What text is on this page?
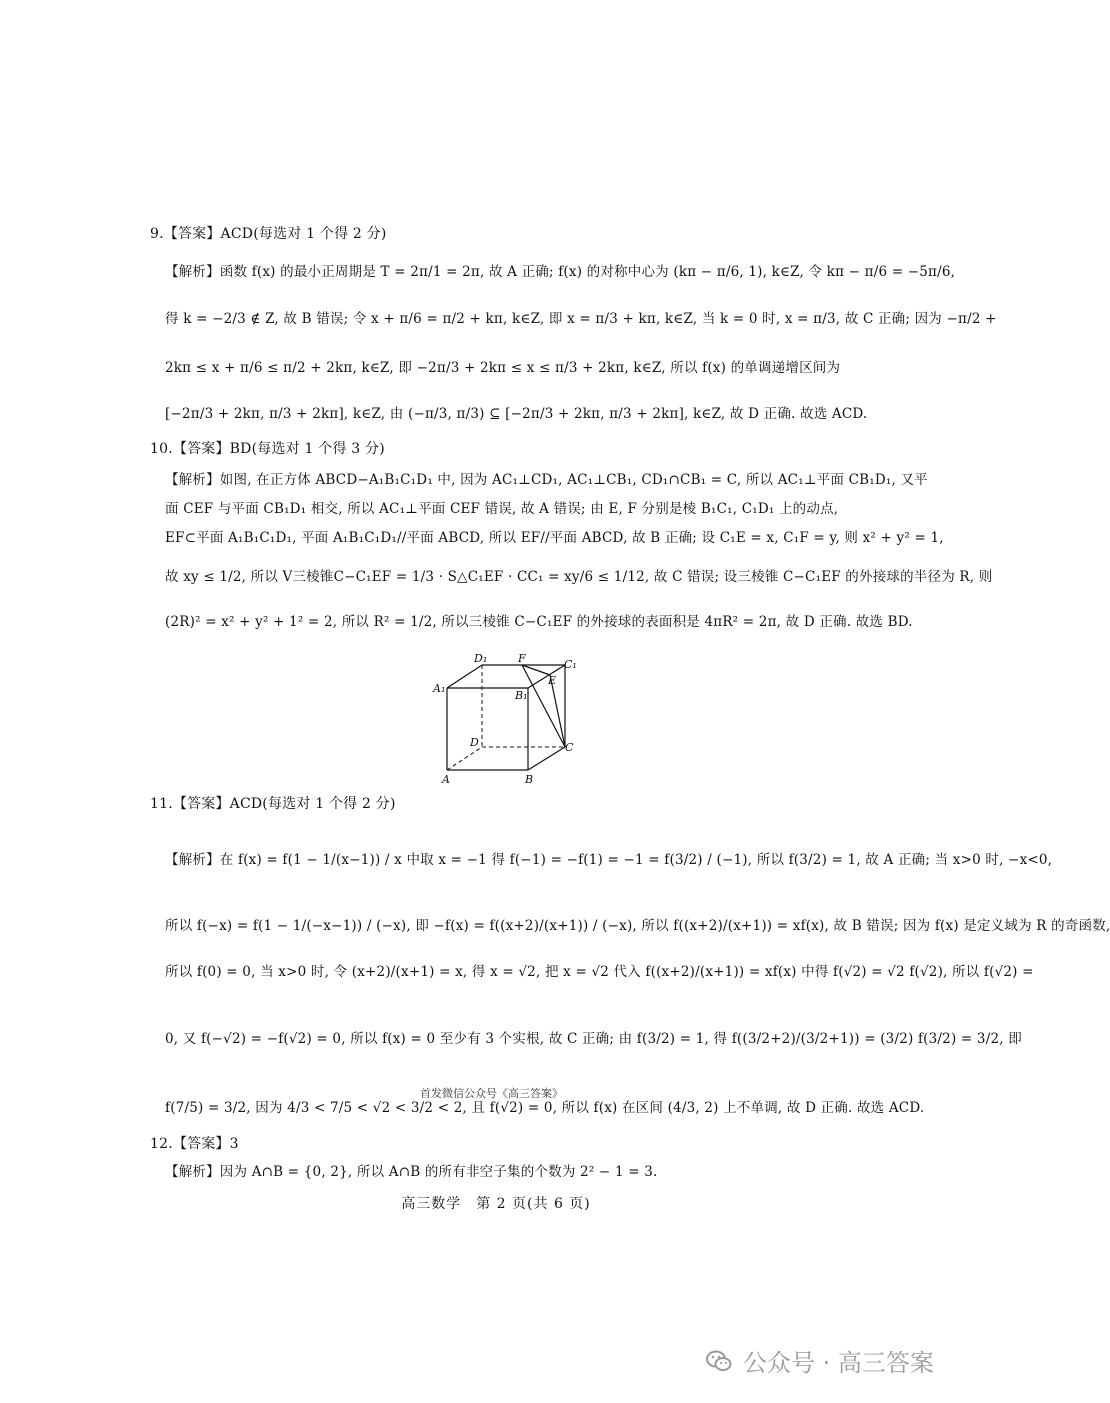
9.【答案】ACD(每选对 1 个得 2 分)
【解析】函数 f(x) 的最小正周期是 T = 2π/1 = 2π, 故 A 正确; f(x) 的对称中心为 (kπ − π/6, 1), k∈Z, 令 kπ − π/6 = −5π/6,
得 k = −2/3 ∉ Z, 故 B 错误; 令 x + π/6 = π/2 + kπ, k∈Z, 即 x = π/3 + kπ, k∈Z, 当 k = 0 时, x = π/3, 故 C 正确; 因为 −π/2 +
2kπ ≤ x + π/6 ≤ π/2 + 2kπ, k∈Z, 即 −2π/3 + 2kπ ≤ x ≤ π/3 + 2kπ, k∈Z, 所以 f(x) 的单调递增区间为
[−2π/3 + 2kπ, π/3 + 2kπ], k∈Z, 由 (−π/3, π/3) ⊆ [−2π/3 + 2kπ, π/3 + 2kπ], k∈Z, 故 D 正确. 故选 ACD.
10.【答案】BD(每选对 1 个得 3 分)
【解析】如图, 在正方体 ABCD−A₁B₁C₁D₁ 中, 因为 AC₁⊥CD₁, AC₁⊥CB₁, CD₁∩CB₁ = C, 所以 AC₁⊥平面 CB₁D₁, 又平
面 CEF 与平面 CB₁D₁ 相交, 所以 AC₁⊥平面 CEF 错误, 故 A 错误; 由 E, F 分别是棱 B₁C₁, C₁D₁ 上的动点,
EF⊂平面 A₁B₁C₁D₁, 平面 A₁B₁C₁D₁//平面 ABCD, 所以 EF//平面 ABCD, 故 B 正确; 设 C₁E = x, C₁F = y, 则 x² + y² = 1,
故 xy ≤ 1/2, 所以 V三棱锥C−C₁EF = 1/3 · S△C₁EF · CC₁ = xy/6 ≤ 1/12, 故 C 错误; 设三棱锥 C−C₁EF 的外接球的半径为 R, 则
(2R)² = x² + y² + 1² = 2, 所以 R² = 1/2, 所以三棱锥 C−C₁EF 的外接球的表面积是 4πR² = 2π, 故 D 正确. 故选 BD.
D₁	F	C₁
A₁
E
B₁
D	C
A	B
11.【答案】ACD(每选对 1 个得 2 分)
【解析】在 f(x) = f(1 − 1/(x−1)) / x 中取 x = −1 得 f(−1) = −f(1) = −1 = f(3/2) / (−1), 所以 f(3/2) = 1, 故 A 正确; 当 x>0 时, −x<0,
所以 f(−x) = f(1 − 1/(−x−1)) / (−x), 即 −f(x) = f((x+2)/(x+1)) / (−x), 所以 f((x+2)/(x+1)) = xf(x), 故 B 错误; 因为 f(x) 是定义域为 R 的奇函数,
所以 f(0) = 0, 当 x>0 时, 令 (x+2)/(x+1) = x, 得 x = √2, 把 x = √2 代入 f((x+2)/(x+1)) = xf(x) 中得 f(√2) = √2 f(√2), 所以 f(√2) =
0, 又 f(−√2) = −f(√2) = 0, 所以 f(x) = 0 至少有 3 个实根, 故 C 正确; 由 f(3/2) = 1, 得 f((3/2+2)/(3/2+1)) = (3/2) f(3/2) = 3/2, 即
f(7/5) = 3/2, 因为 4/3 < 7/5 < √2 < 3/2 < 2, 且 f(√2) = 0, 所以 f(x) 在区间 (4/3, 2) 上不单调, 故 D 正确. 故选 ACD.
首发微信公众号《高三答案》
12.【答案】3
【解析】因为 A∩B = {0, 2}, 所以 A∩B 的所有非空子集的个数为 2² − 1 = 3.
高三数学　第 2 页(共 6 页)
公众号 · 高三答案
